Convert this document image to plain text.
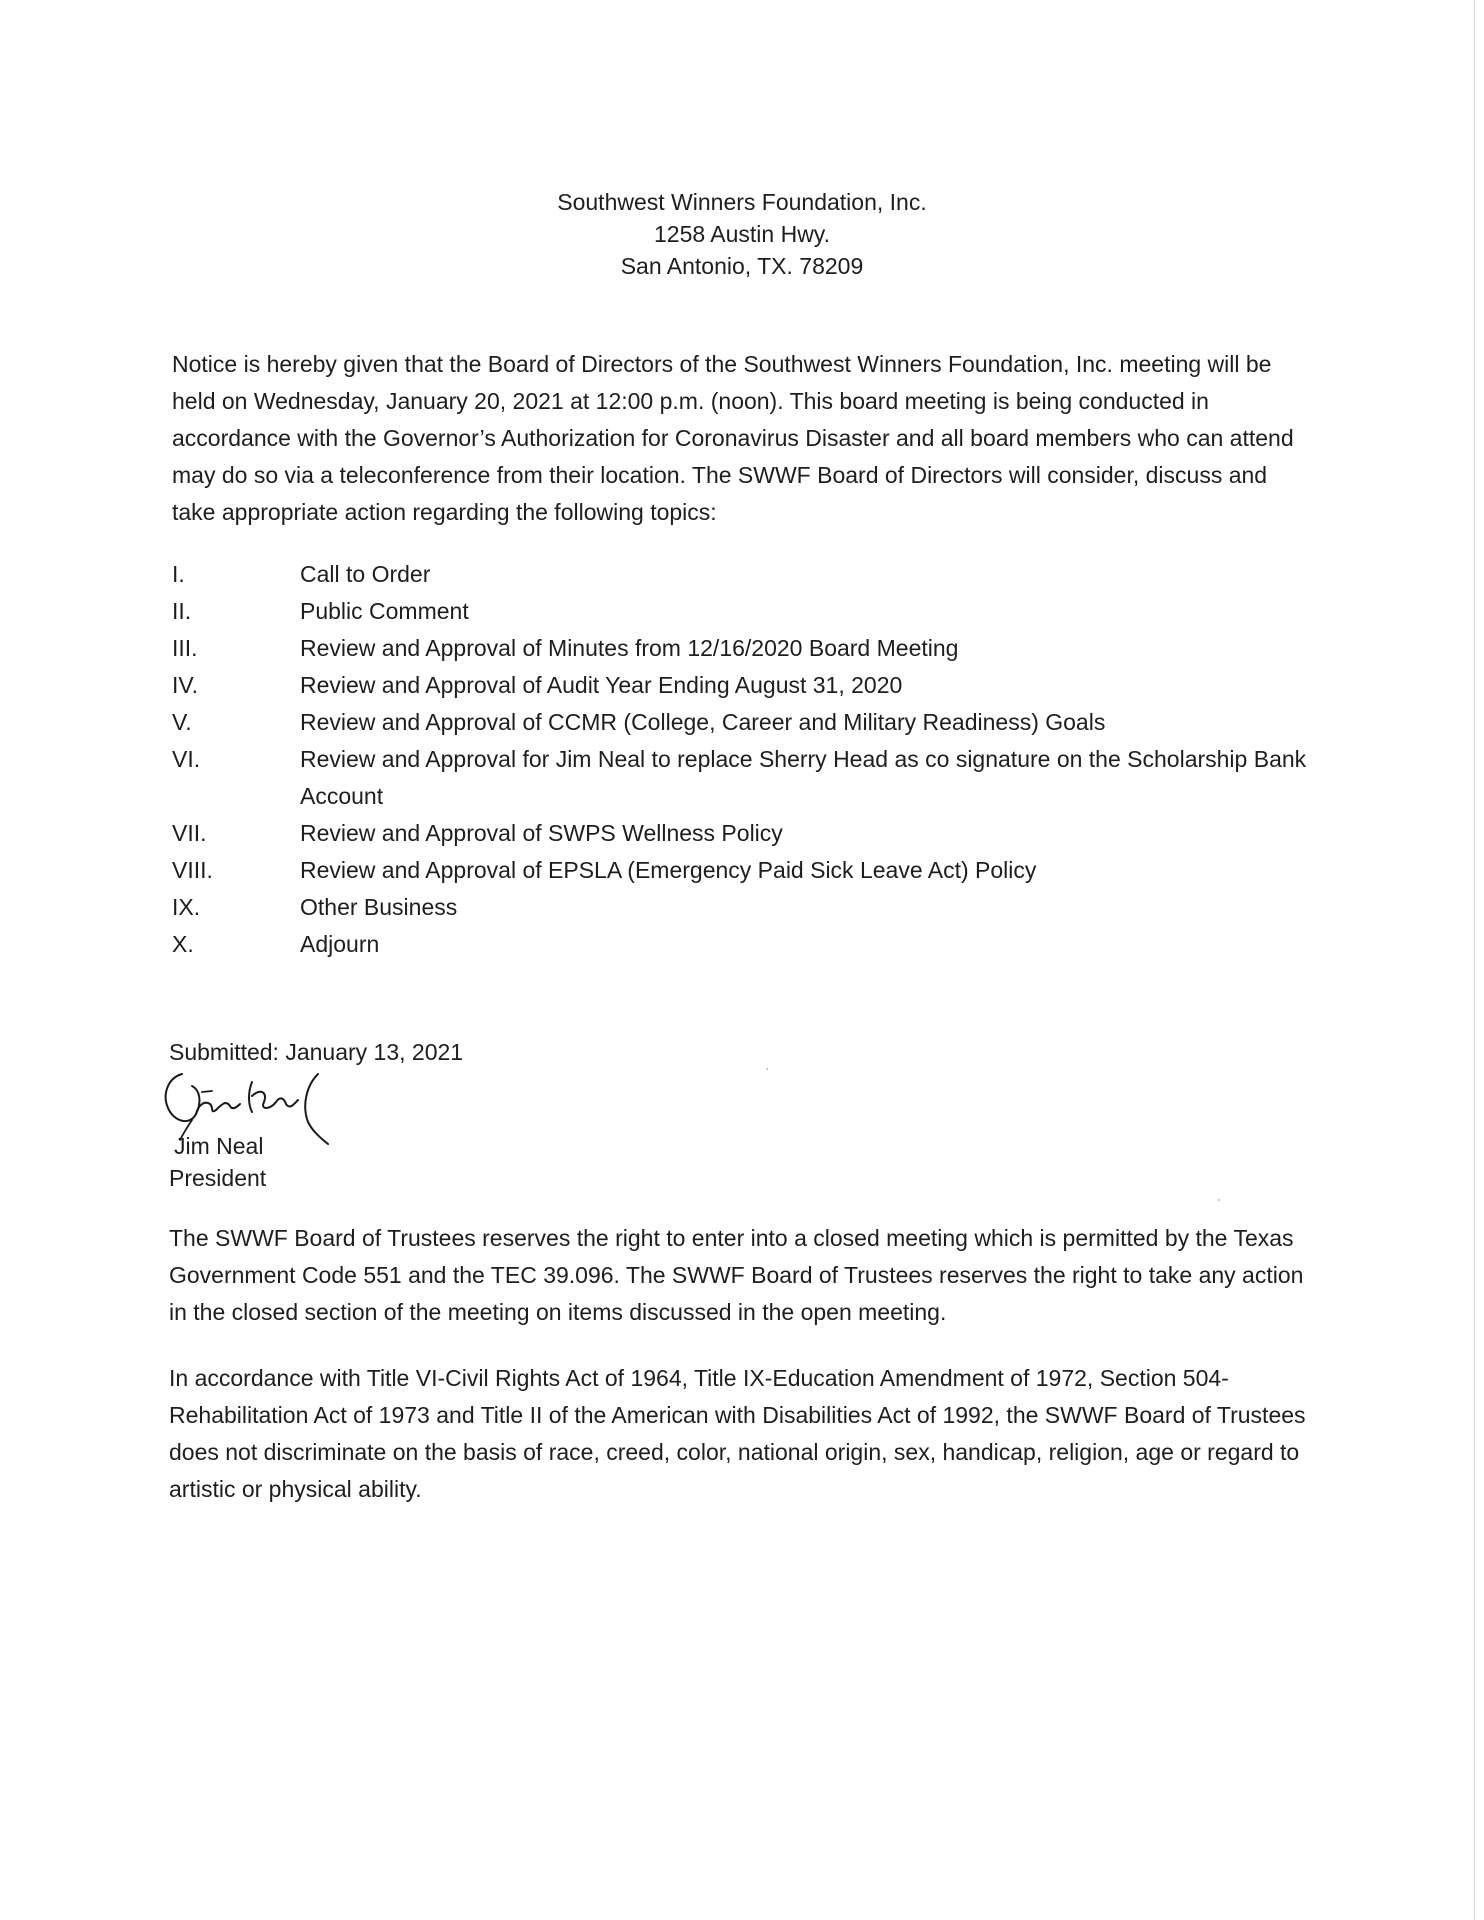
Southwest Winners Foundation, Inc.
1258 Austin Hwy.
San Antonio, TX. 78209
Notice is hereby given that the Board of Directors of the Southwest Winners Foundation, Inc. meeting will be held on Wednesday, January 20, 2021 at 12:00 p.m. (noon). This board meeting is being conducted in accordance with the Governor’s Authorization for Coronavirus Disaster and all board members who can attend may do so via a teleconference from their location. The SWWF Board of Directors will consider, discuss and take appropriate action regarding the following topics:
I.	Call to Order
II.	Public Comment
III.	Review and Approval of Minutes from 12/16/2020 Board Meeting
IV.	Review and Approval of Audit Year Ending August 31, 2020
V.	Review and Approval of CCMR (College, Career and Military Readiness) Goals
VI.	Review and Approval for Jim Neal to replace Sherry Head as co signature on the Scholarship Bank Account
VII.	Review and Approval of SWPS Wellness Policy
VIII.	Review and Approval of EPSLA (Emergency Paid Sick Leave Act) Policy
IX.	Other Business
X.	Adjourn
Submitted: January 13, 2021
Jim Neal
President
The SWWF Board of Trustees reserves the right to enter into a closed meeting which is permitted by the Texas Government Code 551 and the TEC 39.096. The SWWF Board of Trustees reserves the right to take any action in the closed section of the meeting on items discussed in the open meeting.
In accordance with Title VI-Civil Rights Act of 1964, Title IX-Education Amendment of 1972, Section 504-Rehabilitation Act of 1973 and Title II of the American with Disabilities Act of 1992, the SWWF Board of Trustees does not discriminate on the basis of race, creed, color, national origin, sex, handicap, religion, age or regard to artistic or physical ability.
